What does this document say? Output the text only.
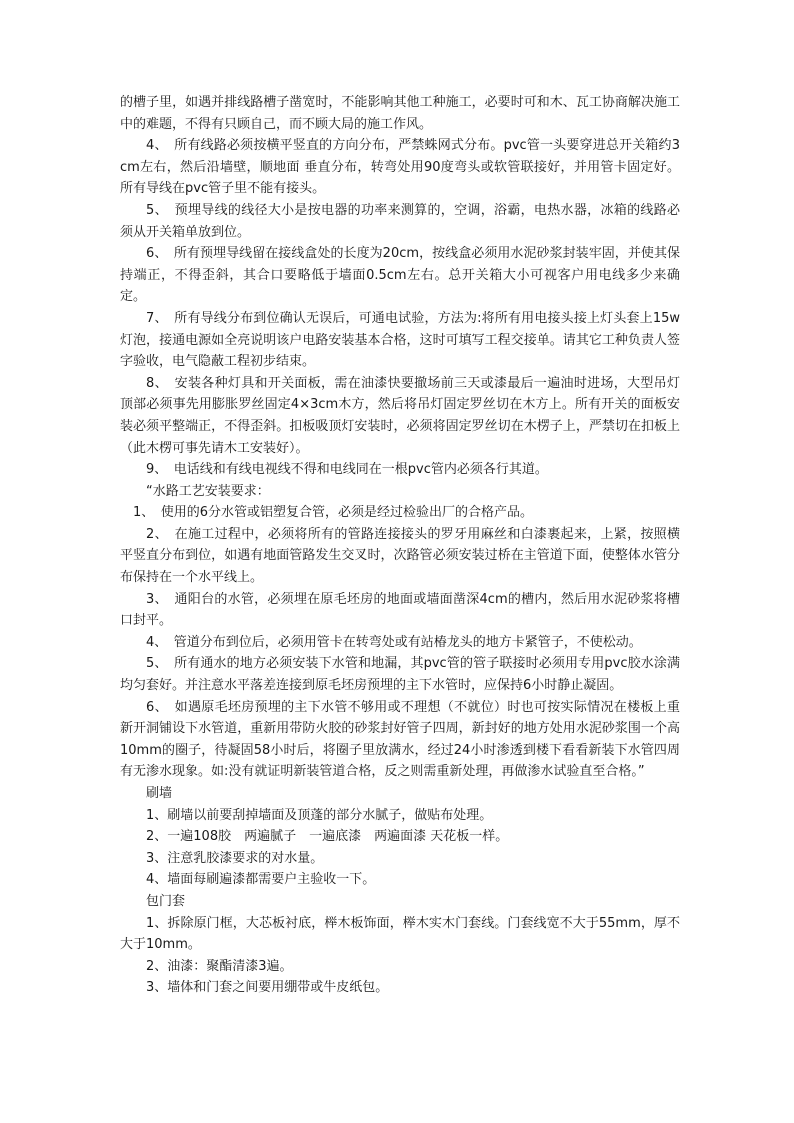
的槽子里，如遇并排线路槽子凿宽时，不能影响其他工种施工，必要时可和木、瓦工协商解决施工中的难题，不得有只顾自己，而不顾大局的施工作风。

4、　所有线路必须按横平竖直的方向分布，严禁蛛网式分布。pvc管一头要穿进总开关箱约3cm左右，然后沿墙壁，顺地面 垂直分布，转弯处用90度弯头或软管联接好，并用管卡固定好。所有导线在pvc管子里不能有接头。

5、　预埋导线的线径大小是按电器的功率来测算的，空调，浴霸，电热水器，冰箱的线路必须从开关箱单放到位。

6、　所有预埋导线留在接线盒处的长度为20cm，按线盒必须用水泥砂浆封装牢固，并使其保持端正，不得歪斜，其合口要略低于墙面0.5cm左右。总开关箱大小可视客户用电线多少来确定。

7、　所有导线分布到位确认无误后，可通电试验，方法为:将所有用电接头接上灯头套上15w灯泡，接通电源如全亮说明该户电路安装基本合格，这时可填写工程交接单。请其它工种负责人签字验收，电气隐蔽工程初步结束。

8、　安装各种灯具和开关面板，需在油漆快要撤场前三天或漆最后一遍油时进场，大型吊灯顶部必须事先用膨胀罗丝固定4×3cm木方，然后将吊灯固定罗丝切在木方上。所有开关的面板安装必须平整端正，不得歪斜。扣板吸顶灯安装时，必须将固定罗丝切在木楞子上，严禁切在扣板上（此木楞可事先请木工安装好）。

9、　电话线和有线电视线不得和电线同在一根pvc管内必须各行其道。

“水路工艺安装要求：

1、　使用的6分水管或铝塑复合管，必须是经过检验出厂的合格产品。

2、　在施工过程中，必须将所有的管路连接接头的罗牙用麻丝和白漆裹起来，上紧，按照横平竖直分布到位，如遇有地面管路发生交叉时，次路管必须安装过桥在主管道下面，使整体水管分布保持在一个水平线上。

3、　通阳台的水管，必须埋在原毛坯房的地面或墙面凿深4cm的槽内，然后用水泥砂浆将槽口封平。

4、　管道分布到位后，必须用管卡在转弯处或有站椿龙头的地方卡紧管子，不使松动。

5、　所有通水的地方必须安装下水管和地漏，其pvc管的管子联接时必须用专用pvc胶水涂满均匀套好。并注意水平落差连接到原毛坯房预埋的主下水管时，应保持6小时静止凝固。

6、　如遇原毛坯房预埋的主下水管不够用或不理想（不就位）时也可按实际情况在楼板上重新开洞铺设下水管道，重新用带防火胶的砂浆封好管子四周，新封好的地方处用水泥砂浆围一个高10mm的圈子，待凝固58小时后，将圈子里放满水，经过24小时渗透到楼下看看新装下水管四周有无渗水现象。如:没有就证明新装管道合格，反之则需重新处理，再做渗水试验直至合格。”

刷墙

1、刷墙以前要刮掉墙面及顶蓬的部分水腻子，做贴布处理。

2、一遍108胶　两遍腻子　一遍底漆　两遍面漆 天花板一样。

3、注意乳胶漆要求的对水量。

4、墙面每刷遍漆都需要户主验收一下。

包门套

1、拆除原门框，大芯板衬底，榉木板饰面，榉木实木门套线。门套线宽不大于55mm，厚不大于10mm。

2、油漆：聚酯清漆3遍。

3、墙体和门套之间要用绷带或牛皮纸包。
